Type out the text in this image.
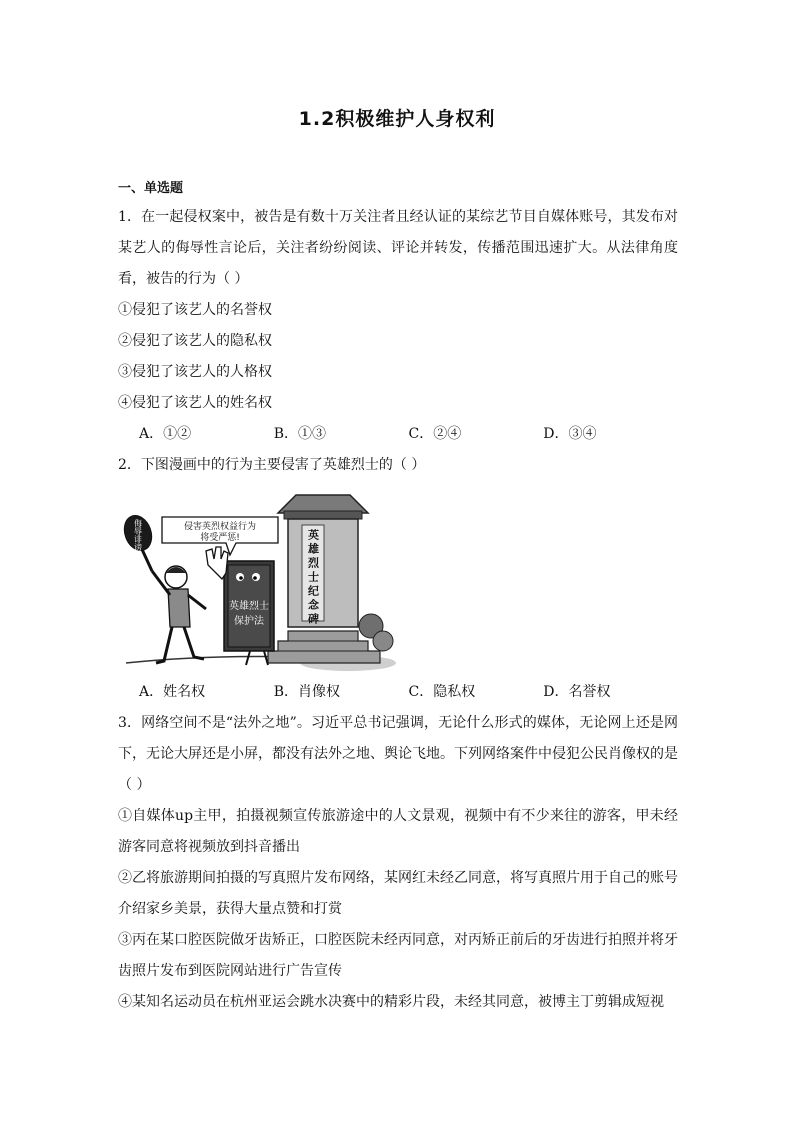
1.2积极维护人身权利
一、单选题

1．在一起侵权案中，被告是有数十万关注者且经认证的某综艺节目自媒体账号，其发布对某艺人的侮辱性言论后，关注者纷纷阅读、评论并转发，传播范围迅速扩大。从法律角度看，被告的行为（ ）

①侵犯了该艺人的名誉权

②侵犯了该艺人的隐私权

③侵犯了该艺人的人格权

④侵犯了该艺人的姓名权

A．①②	B．①③	C．②④	D．③④

2．下图漫画中的行为主要侵害了英雄烈士的（ ）

英雄烈士纪念碑
英雄烈士
保护法
侵害英烈权益行为
将受严惩!
侮辱诽谤
A．姓名权	B．肖像权	C．隐私权	D．名誉权

3．网络空间不是“法外之地”。习近平总书记强调，无论什么形式的媒体，无论网上还是网下，无论大屏还是小屏，都没有法外之地、舆论飞地。下列网络案件中侵犯公民肖像权的是（ ）

①自媒体up主甲，拍摄视频宣传旅游途中的人文景观，视频中有不少来往的游客，甲未经游客同意将视频放到抖音播出

②乙将旅游期间拍摄的写真照片发布网络，某网红未经乙同意，将写真照片用于自己的账号介绍家乡美景，获得大量点赞和打赏

③丙在某口腔医院做牙齿矫正，口腔医院未经丙同意，对丙矫正前后的牙齿进行拍照并将牙齿照片发布到医院网站进行广告宣传

④某知名运动员在杭州亚运会跳水决赛中的精彩片段，未经其同意，被博主丁剪辑成短视
